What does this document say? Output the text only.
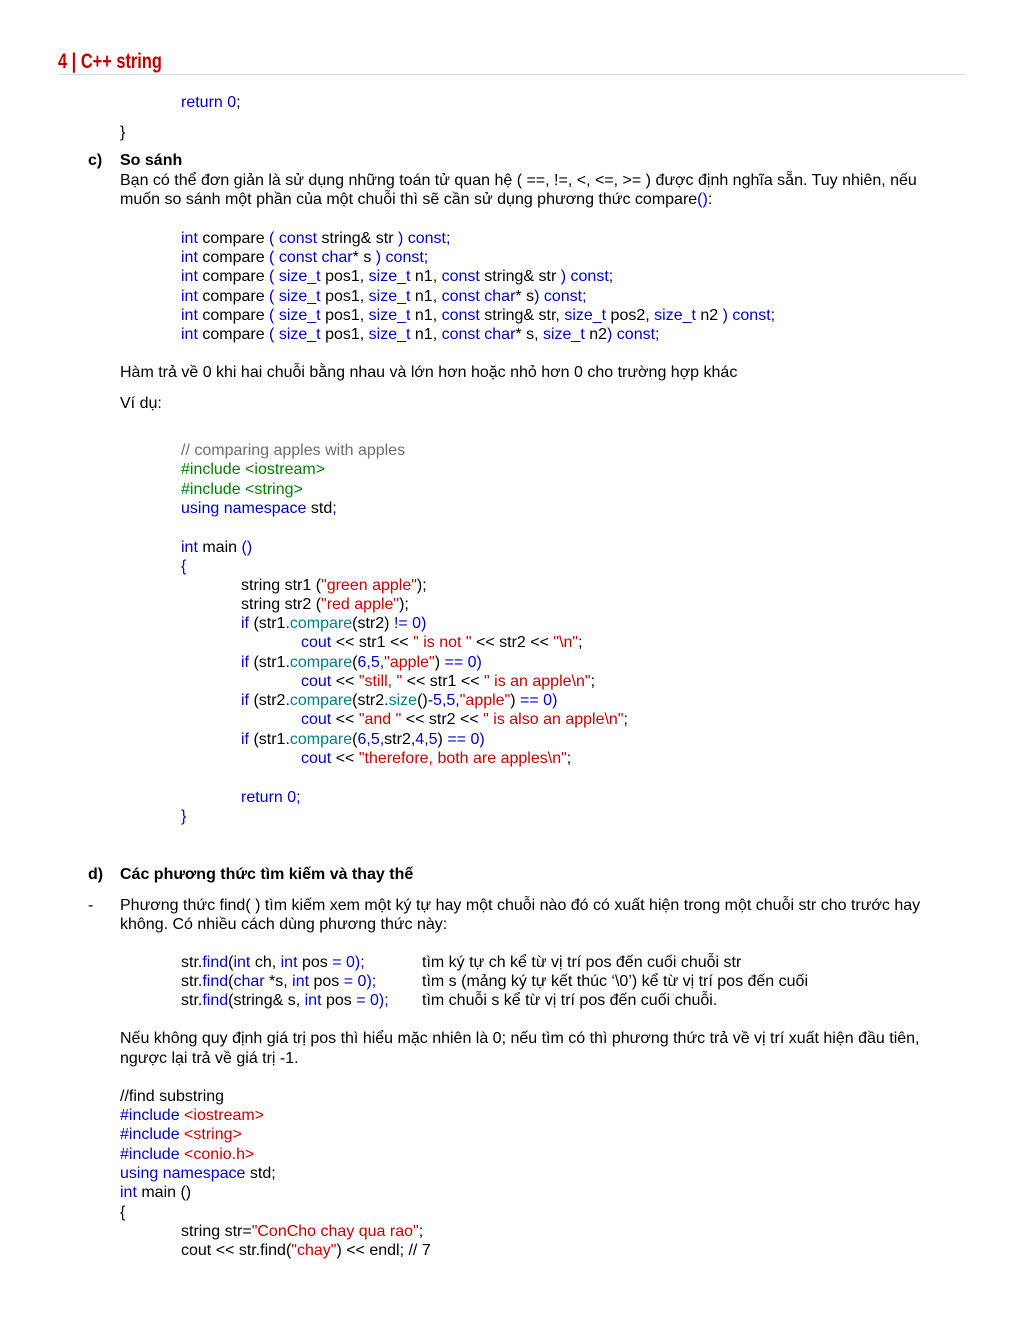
4 | C++ string
return 0;
}
c) So sánh
Bạn có thể đơn giản là sử dụng những toán tử quan hệ ( ==, !=, <, <=, >= ) được định nghĩa sẵn. Tuy nhiên, nếu
muốn so sánh một phần của một chuỗi thì sẽ cần sử dụng phương thức compare():
int compare ( const string& str ) const;
int compare ( const char* s ) const;
int compare ( size_t pos1, size_t n1, const string& str ) const;
int compare ( size_t pos1, size_t n1, const char* s) const;
int compare ( size_t pos1, size_t n1, const string& str, size_t pos2, size_t n2 ) const;
int compare ( size_t pos1, size_t n1, const char* s, size_t n2) const;
Hàm trả về 0 khi hai chuỗi bằng nhau và lớn hơn hoặc nhỏ hơn 0 cho trường hợp khác
Ví dụ:
// comparing apples with apples
#include <iostream>
#include <string>
using namespace std;
int main ()
{
string str1 ("green apple");
string str2 ("red apple");
if (str1.compare(str2) != 0)
cout << str1 << " is not " << str2 << "\n";
if (str1.compare(6,5,"apple") == 0)
cout << "still, " << str1 << " is an apple\n";
if (str2.compare(str2.size()-5,5,"apple") == 0)
cout << "and " << str2 << " is also an apple\n";
if (str1.compare(6,5,str2,4,5) == 0)
cout << "therefore, both are apples\n";
return 0;
}
d) Các phương thức tìm kiếm và thay thế
- Phương thức find( ) tìm kiếm xem một ký tự hay một chuỗi nào đó có xuất hiện trong một chuỗi str cho trước hay
không. Có nhiều cách dùng phương thức này:
str.find(int ch, int pos = 0);	tìm ký tự ch kể từ vị trí pos đến cuối chuỗi str
str.find(char *s, int pos = 0);	tìm s (mảng ký tự kết thúc ‘\0’) kể từ vị trí pos đến cuối
str.find(string& s, int pos = 0); tìm chuỗi s kể từ vị trí pos đến cuối chuỗi.
Nếu không quy định giá trị pos thì hiểu mặc nhiên là 0; nếu tìm có thì phương thức trả về vị trí xuất hiện đầu tiên,
ngược lại trả về giá trị -1.
//find substring
#include <iostream>
#include <string>
#include <conio.h>
using namespace std;
int main ()
{
string str="ConCho chay qua rao";
cout << str.find("chay") << endl; // 7
